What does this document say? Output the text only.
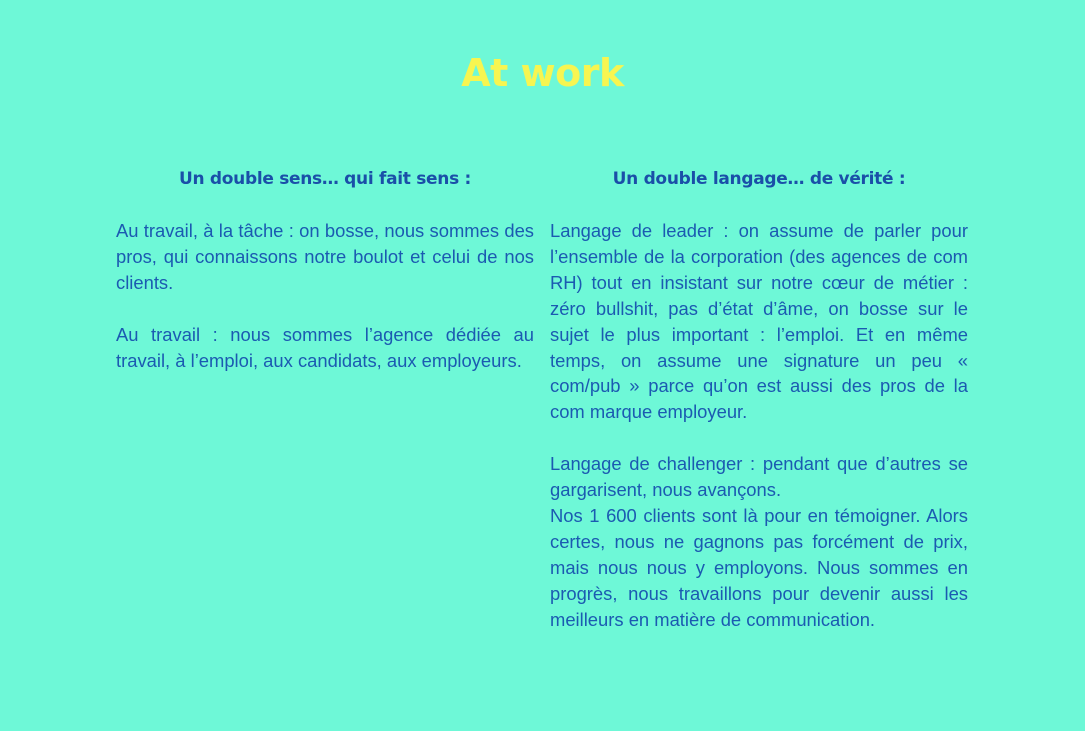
At work
Un double sens… qui fait sens :

Au travail, à la tâche : on bosse, nous sommes des pros, qui connaissons notre boulot et celui de nos clients.

Au travail : nous sommes l’agence dédiée au travail, à l’emploi, aux candidats, aux employeurs.

Un double langage… de vérité :

Langage de leader : on assume de parler pour l’ensemble de la corporation (des agences de com RH) tout en insistant sur notre cœur de métier : zéro bullshit, pas d’état d’âme, on bosse sur le sujet le plus important : l’emploi. Et en même temps, on assume une signature un peu « com/pub » parce qu’on est aussi des pros de la com marque employeur.

Langage de challenger : pendant que d’autres se gargarisent, nous avançons.

Nos 1 600 clients sont là pour en témoigner. Alors certes, nous ne gagnons pas forcément de prix, mais nous nous y employons. Nous sommes en progrès, nous travaillons pour devenir aussi les meilleurs en matière de communication.
